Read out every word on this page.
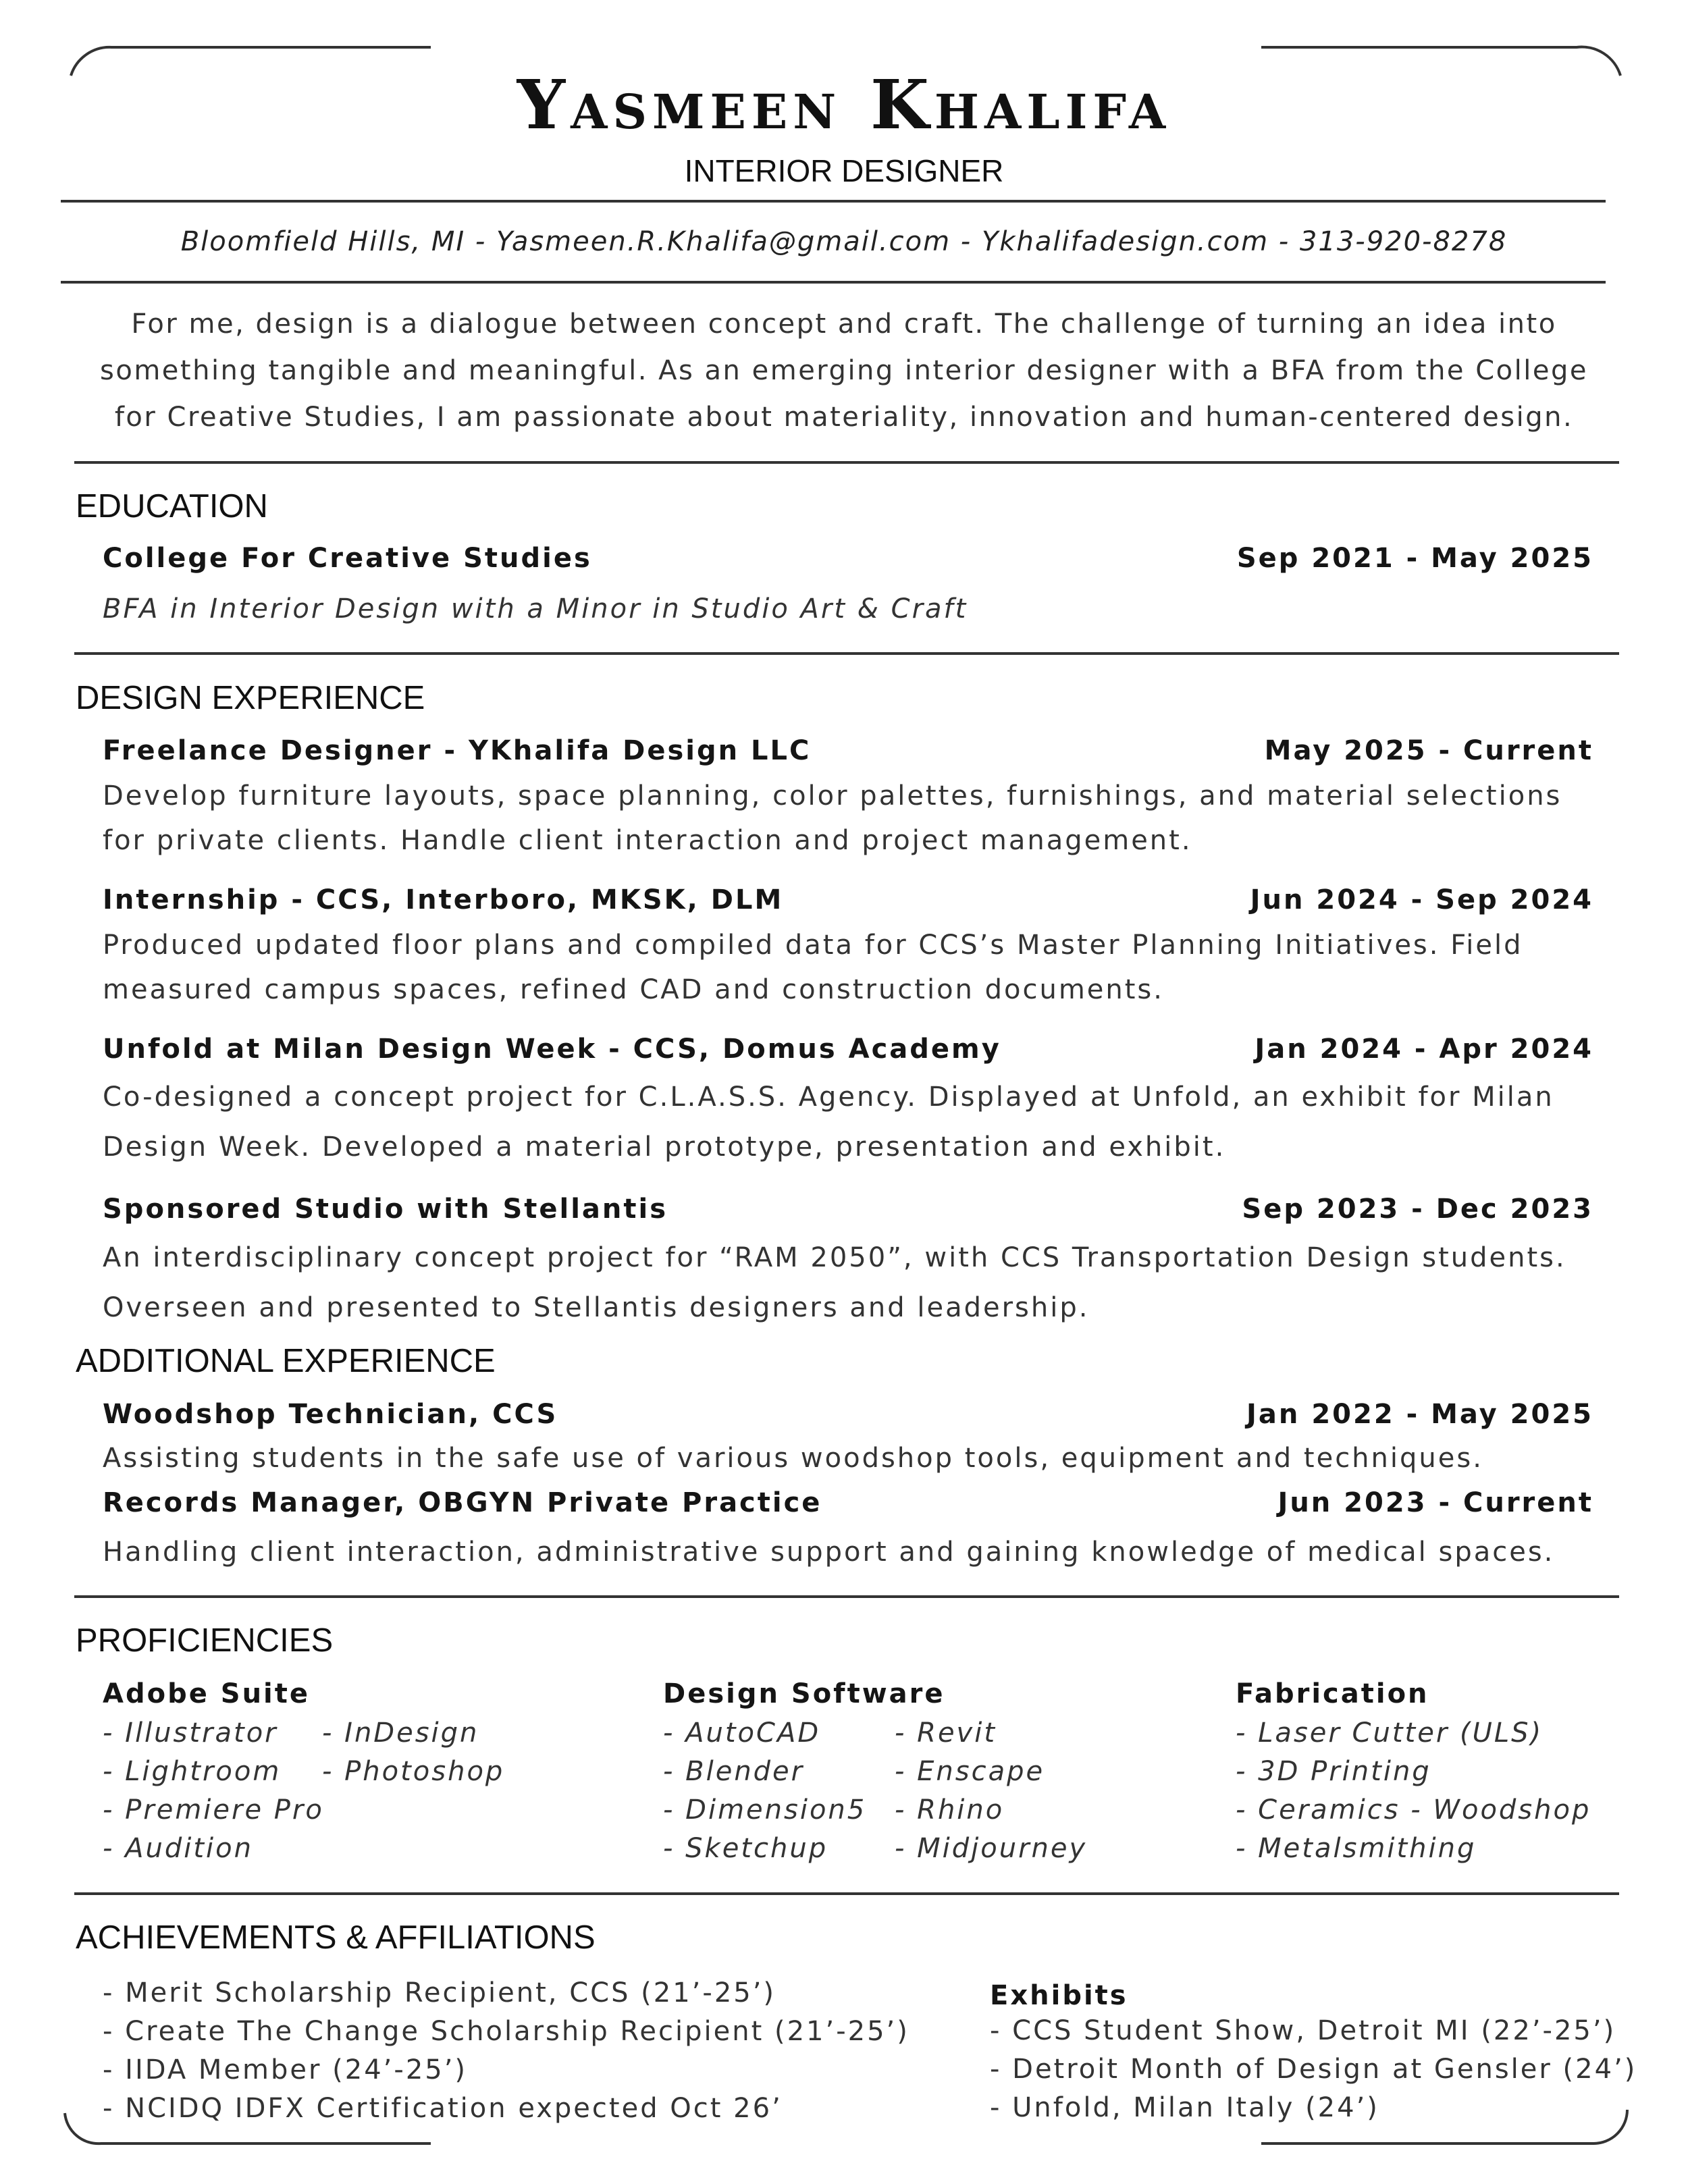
Yasmeen Khalifa
INTERIOR DESIGNER
Bloomfield Hills, MI - Yasmeen.R.Khalifa@gmail.com - Ykhalifadesign.com - 313-920-8278
For me, design is a dialogue between concept and craft. The challenge of turning an idea into something tangible and meaningful. As an emerging interior designer with a BFA from the College for Creative Studies, I am passionate about materiality, innovation and human-centered design.
EDUCATION
College For Creative Studies	Sep 2021 - May 2025
BFA in Interior Design with a Minor in Studio Art & Craft
DESIGN EXPERIENCE
Freelance Designer - YKhalifa Design LLC	May 2025 - Current
Develop furniture layouts, space planning, color palettes, furnishings, and material selections for private clients. Handle client interaction and project management.
Internship - CCS, Interboro, MKSK, DLM	Jun 2024 - Sep 2024
Produced updated floor plans and compiled data for CCS’s Master Planning Initiatives. Field measured campus spaces, refined CAD and construction documents.
Unfold at Milan Design Week - CCS, Domus Academy	Jan 2024 - Apr 2024
Co-designed a concept project for C.L.A.S.S. Agency. Displayed at Unfold, an exhibit for Milan Design Week. Developed a material prototype, presentation and exhibit.
Sponsored Studio with Stellantis	Sep 2023 - Dec 2023
An interdisciplinary concept project for “RAM 2050”, with CCS Transportation Design students. Overseen and presented to Stellantis designers and leadership.
ADDITIONAL EXPERIENCE
Woodshop Technician, CCS	Jan 2022 - May 2025
Assisting students in the safe use of various woodshop tools, equipment and techniques.
Records Manager, OBGYN Private Practice	Jun 2023 - Current
Handling client interaction, administrative support and gaining knowledge of medical spaces.
PROFICIENCIES
Adobe Suite
- Illustrator
- Lightroom
- Premiere Pro
- Audition
- InDesign
- Photoshop
Design Software
- AutoCAD
- Blender
- Dimension5
- Sketchup
- Revit
- Enscape
- Rhino
- Midjourney
Fabrication
- Laser Cutter (ULS)
- 3D Printing
- Ceramics - Woodshop
- Metalsmithing
ACHIEVEMENTS & AFFILIATIONS
- Merit Scholarship Recipient, CCS (21’-25’)
- Create The Change Scholarship Recipient (21’-25’)
- IIDA Member (24’-25’)
- NCIDQ IDFX Certification expected Oct 26’
Exhibits
- CCS Student Show, Detroit MI (22’-25’)
- Detroit Month of Design at Gensler (24’)
- Unfold, Milan Italy (24’)
